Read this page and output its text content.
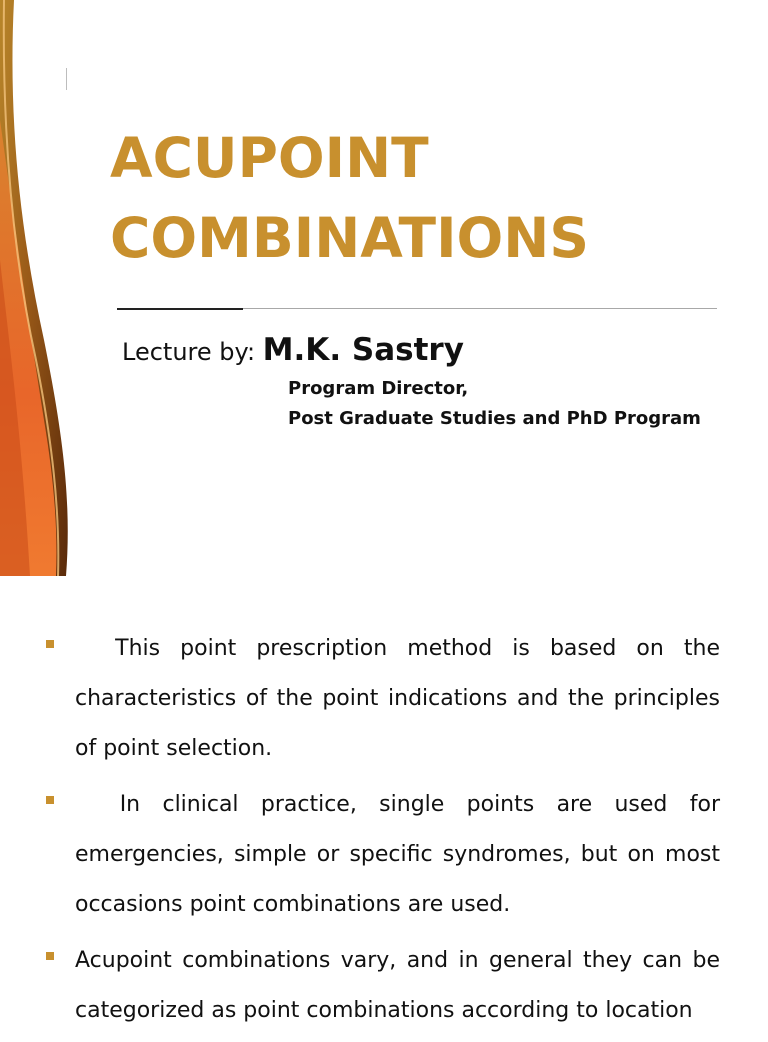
ACUPOINT
COMBINATIONS
Lecture by: M.K. Sastry
Program Director,
Post Graduate Studies and PhD Program
This point prescription method is based on the characteristics of the point indications and the principles of point selection.
In clinical practice, single points are used for emergencies, simple or specific syndromes, but on most occasions point combinations are used.
Acupoint combinations vary, and in general they can be categorized as point combinations according to location
